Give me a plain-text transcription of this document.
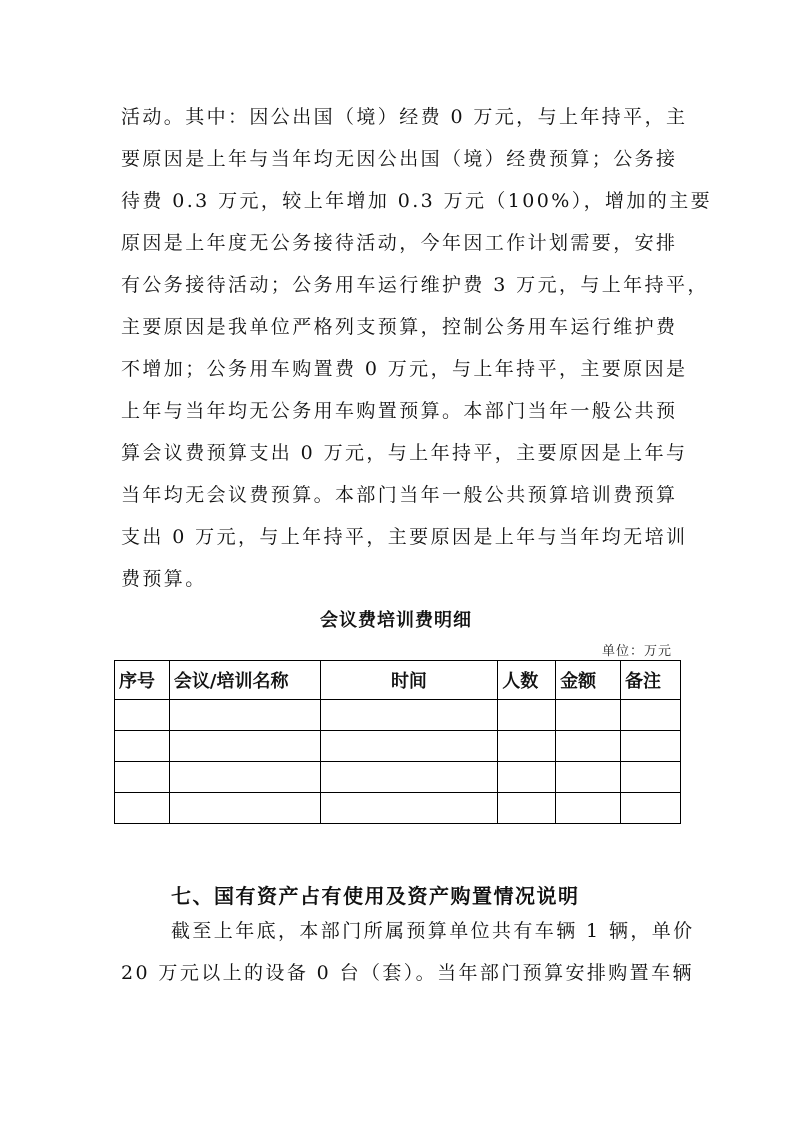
活动。其中：因公出国（境）经费 0 万元，与上年持平，主
要原因是上年与当年均无因公出国（境）经费预算；公务接
待费 0.3 万元，较上年增加 0.3 万元（100%），增加的主要
原因是上年度无公务接待活动，今年因工作计划需要，安排
有公务接待活动；公务用车运行维护费 3 万元，与上年持平，
主要原因是我单位严格列支预算，控制公务用车运行维护费
不增加；公务用车购置费 0 万元，与上年持平，主要原因是
上年与当年均无公务用车购置预算。本部门当年一般公共预
算会议费预算支出 0 万元，与上年持平，主要原因是上年与
当年均无会议费预算。本部门当年一般公共预算培训费预算
支出 0 万元，与上年持平，主要原因是上年与当年均无培训
费预算。
会议费培训费明细
单位：万元
序号	会议/培训名称	时间	人数	金额	备注

七、国有资产占有使用及资产购置情况说明
截至上年底，本部门所属预算单位共有车辆 1 辆，单价
20 万元以上的设备 0 台（套）。当年部门预算安排购置车辆
